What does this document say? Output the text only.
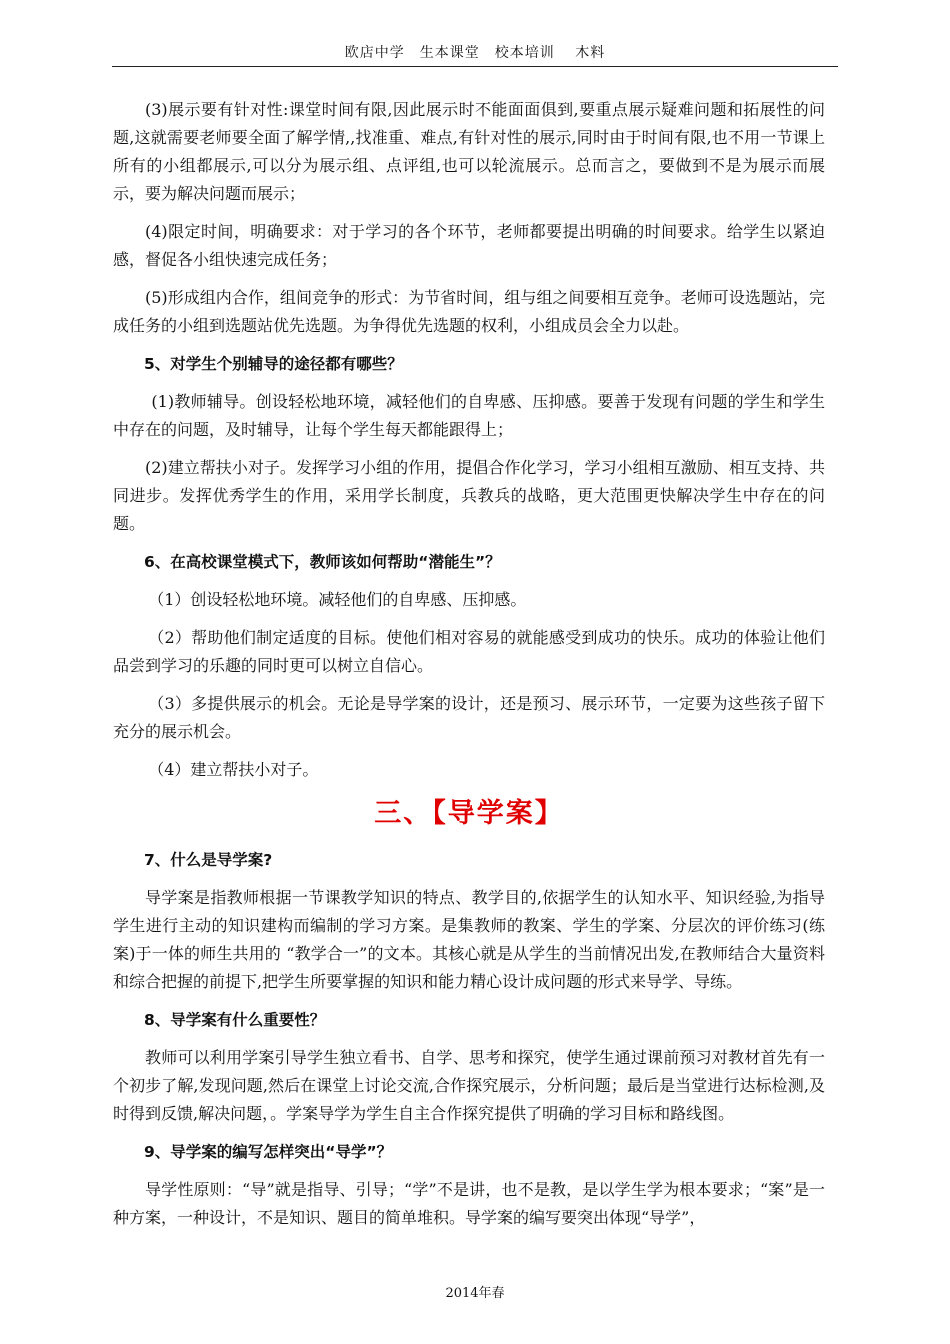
欧店中学　生本课堂　校本培训　 木料

(3)展示要有针对性:课堂时间有限,因此展示时不能面面俱到,要重点展示疑难问题和拓展性的问题,这就需要老师要全面了解学情,,找准重、难点,有针对性的展示,同时由于时间有限,也不用一节课上所有的小组都展示,可以分为展示组、点评组,也可以轮流展示。总而言之，要做到不是为展示而展示，要为解决问题而展示；

(4)限定时间，明确要求：对于学习的各个环节，老师都要提出明确的时间要求。给学生以紧迫感，督促各小组快速完成任务；

(5)形成组内合作，组间竞争的形式：为节省时间，组与组之间要相互竞争。老师可设选题站，完成任务的小组到选题站优先选题。为争得优先选题的权利，小组成员会全力以赴。

5、对学生个别辅导的途径都有哪些？

(1)教师辅导。创设轻松地环境，减轻他们的自卑感、压抑感。要善于发现有问题的学生和学生中存在的问题，及时辅导，让每个学生每天都能跟得上；

(2)建立帮扶小对子。发挥学习小组的作用，提倡合作化学习，学习小组相互激励、相互支持、共同进步。发挥优秀学生的作用，采用学长制度，兵教兵的战略，更大范围更快解决学生中存在的问题。

6、在高校课堂模式下，教师该如何帮助“潜能生”？

（1）创设轻松地环境。减轻他们的自卑感、压抑感。

（2）帮助他们制定适度的目标。使他们相对容易的就能感受到成功的快乐。成功的体验让他们品尝到学习的乐趣的同时更可以树立自信心。

（3）多提供展示的机会。无论是导学案的设计，还是预习、展示环节，一定要为这些孩子留下充分的展示机会。

（4）建立帮扶小对子。

三、【导学案】

7、什么是导学案?

导学案是指教师根据一节课教学知识的特点、教学目的,依据学生的认知水平、知识经验,为指导学生进行主动的知识建构而编制的学习方案。是集教师的教案、学生的学案、分层次的评价练习(练案)于一体的师生共用的 “教学合一”的文本。其核心就是从学生的当前情况出发,在教师结合大量资料和综合把握的前提下,把学生所要掌握的知识和能力精心设计成问题的形式来导学、导练。

8、导学案有什么重要性？

教师可以利用学案引导学生独立看书、自学、思考和探究，使学生通过课前预习对教材首先有一个初步了解,发现问题,然后在课堂上讨论交流,合作探究展示，分析问题；最后是当堂进行达标检测,及时得到反馈,解决问题，。学案导学为学生自主合作探究提供了明确的学习目标和路线图。

9、导学案的编写怎样突出“导学”？

导学性原则：“导”就是指导、引导；“学”不是讲，也不是教，是以学生学为根本要求；“案”是一种方案，一种设计，不是知识、题目的简单堆积。导学案的编写要突出体现“导学”，

2014年春
